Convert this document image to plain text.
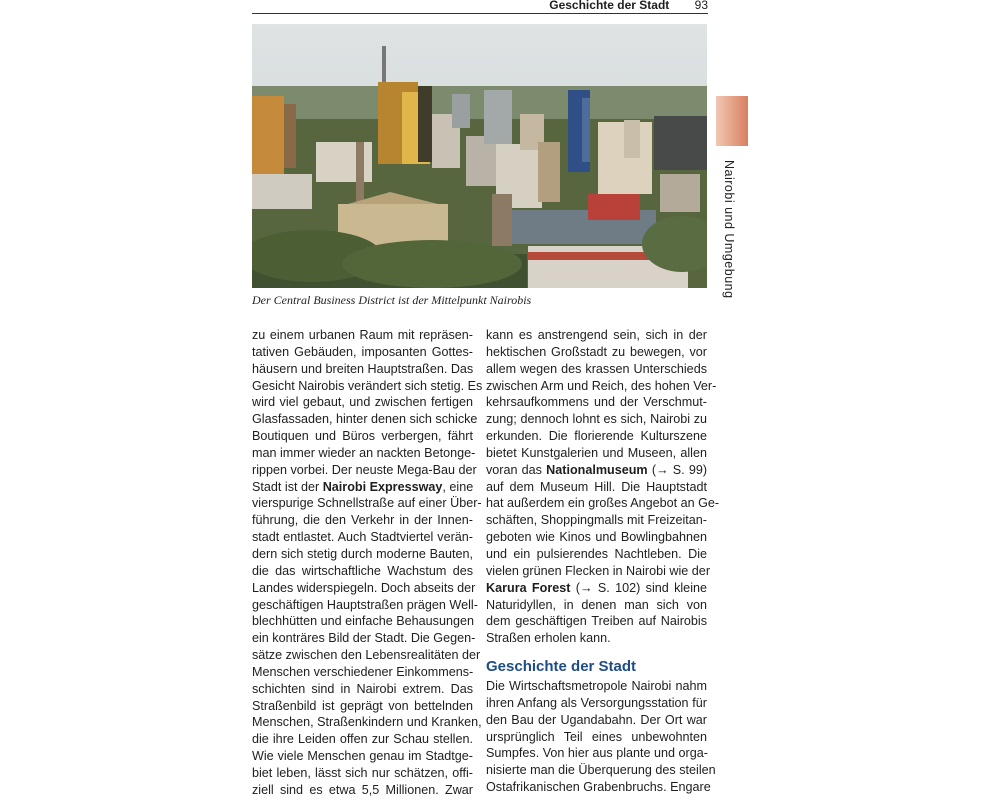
Geschichte der Stadt 93
Der Central Business District ist der Mittelpunkt Nairobis
Nairobi und Umgebung
zu einem urbanen Raum mit repräsen-
tativen Gebäuden, imposanten Gottes-
häusern und breiten Hauptstraßen. Das
Gesicht Nairobis verändert sich stetig. Es
wird viel gebaut, und zwischen fertigen
Glasfassaden, hinter denen sich schicke
Boutiquen und Büros verbergen, fährt
man immer wieder an nackten Betonge-
rippen vorbei. Der neuste Mega-Bau der
Stadt ist der Nairobi Expressway, eine
vierspurige Schnellstraße auf einer Über-
führung, die den Verkehr in der Innen-
stadt entlastet. Auch Stadtviertel verän-
dern sich stetig durch moderne Bauten,
die das wirtschaftliche Wachstum des
Landes widerspiegeln. Doch abseits der
geschäftigen Hauptstraßen prägen Well-
blechhütten und einfache Behausungen
ein konträres Bild der Stadt. Die Gegen-
sätze zwischen den Lebensrealitäten der
Menschen verschiedener Einkommens-
schichten sind in Nairobi extrem. Das
Straßenbild ist geprägt von bettelnden
Menschen, Straßenkindern und Kranken,
die ihre Leiden offen zur Schau stellen.
Wie viele Menschen genau im Stadtge-
biet leben, lässt sich nur schätzen, offi-
ziell sind es etwa 5,5 Millionen. Zwar
kann es anstrengend sein, sich in der
hektischen Großstadt zu bewegen, vor
allem wegen des krassen Unterschieds
zwischen Arm und Reich, des hohen Ver-
kehrsaufkommens und der Verschmut-
zung; dennoch lohnt es sich, Nairobi zu
erkunden. Die florierende Kulturszene
bietet Kunstgalerien und Museen, allen
voran das Nationalmuseum (→ S. 99)
auf dem Museum Hill. Die Hauptstadt
hat außerdem ein großes Angebot an Ge-
schäften, Shoppingmalls mit Freizeitan-
geboten wie Kinos und Bowlingbahnen
und ein pulsierendes Nachtleben. Die
vielen grünen Flecken in Nairobi wie der
Karura Forest (→ S. 102) sind kleine
Naturidyllen, in denen man sich von
dem geschäftigen Treiben auf Nairobis
Straßen erholen kann.
Geschichte der Stadt
Die Wirtschaftsmetropole Nairobi nahm
ihren Anfang als Versorgungsstation für
den Bau der Ugandabahn. Der Ort war
ursprünglich Teil eines unbewohnten
Sumpfes. Von hier aus plante und orga-
nisierte man die Überquerung des steilen
Ostafrikanischen Grabenbruchs. Engare
